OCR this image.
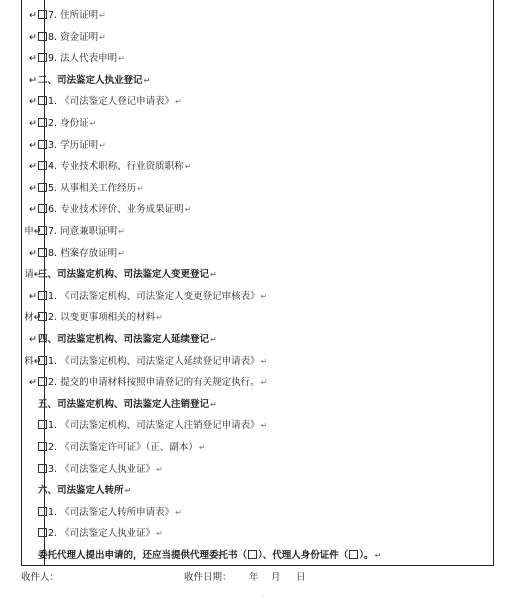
↵
↵
↵
↵
↵
↵
↵
↵
↵
↵
申↵
↵
请↵
↵
材↵
↵
料↵
↵
7. 住所证明↵
8. 资金证明↵
9. 法人代表申明↵
二、司法鉴定人执业登记↵
1. 《司法鉴定人登记申请表》↵
2. 身份证↵
3. 学历证明↵
4. 专业技术职称、行业资质职称↵
5. 从事相关工作经历↵
6. 专业技术评价、业务成果证明↵
7. 同意兼职证明↵
8. 档案存放证明↵
三、司法鉴定机构、司法鉴定人变更登记↵
1. 《司法鉴定机构、司法鉴定人变更登记审核表》↵
2. 以变更事项相关的材料↵
四、司法鉴定机构、司法鉴定人延续登记↵
1. 《司法鉴定机构、司法鉴定人延续登记申请表》↵
2. 提交的申请材料按照申请登记的有关规定执行。↵
五、司法鉴定机构、司法鉴定人注销登记↵
1. 《司法鉴定机构、司法鉴定人注销登记申请表》↵
2. 《司法鉴定许可证》（正、副本）↵
3. 《司法鉴定人执业证》↵
六、司法鉴定人转所↵
1. 《司法鉴定人转所申请表》↵
2. 《司法鉴定人执业证》↵
委托代理人提出申请的，还应当提供代理委托书（ ）、代理人身份证件（ ）。↵
收件人：	收件日期： 年 月 日
·
